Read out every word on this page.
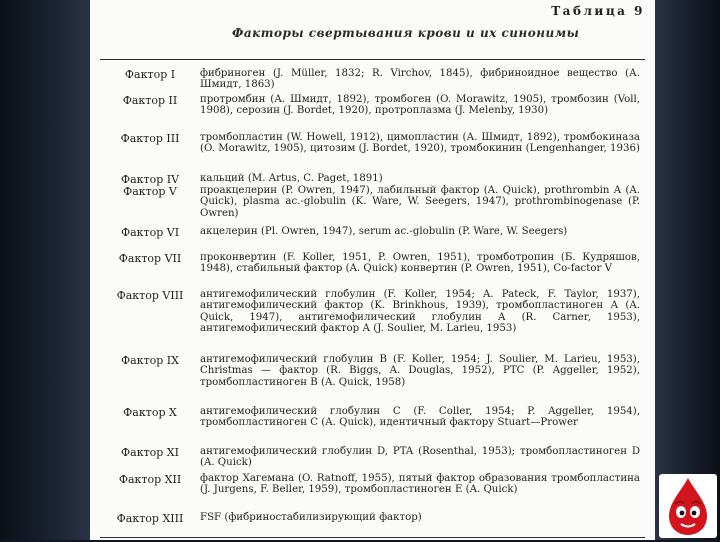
Таблица 9
Факторы свертывания крови и их синонимы
Фактор I	фибриноген (J. Müller, 1832; R. Virchov, 1845), фибриноидное вещество (А. Шмидт, 1863)
Фактор II	протромбин (А. Шмидт, 1892), тромбоген (O. Morawitz, 1905), тромбозин (Voll, 1908), серозин (J. Bordet, 1920), протроплазма (J. Melenby, 1930)
Фактор III	тромбопластин (W. Howell, 1912), цимопластин (А. Шмидт, 1892), тромбокиназа (O. Morawitz, 1905), цитозим (J. Bordet, 1920), тромбокинин (Lengenhanger, 1936)
Фактор IV	кальций (M. Artus, C. Paget, 1891)
Фактор V	проакцелерин (P. Owren, 1947), лабильный фактор (A. Quick), prothrombin A (A. Quick), plasma ac.-globulin (K. Ware, W. Seegers, 1947), prothrombinogenase (P. Owren)
Фактор VI	акцелерин (Pl. Owren, 1947), serum ac.-globulin (P. Ware, W. Seegers)
Фактор VII	проконвертин (F. Koller, 1951, P. Owren, 1951), тромботропин (Б. Кудряшов, 1948), стабильный фактор (A. Quick) конвертин (P. Owren, 1951), Co-factor V
Фактор VIII	антигемофилический глобулин (F. Koller, 1954; A. Pateck, F. Taylor, 1937), антигемофилический фактор (K. Brinkhous, 1939), тромбопластиноген А (A. Quick, 1947), антигемофилический глобулин А (R. Carner, 1953), антигемофилический фактор А (J. Soulier, M. Larieu, 1953)
Фактор IX	антигемофилический глобулин В (F. Koller, 1954; J. Soulier, M. Larieu, 1953), Christmas — фактор (R. Biggs, A. Douglas, 1952), PTC (P. Aggeller, 1952), тромбопластиноген В (A. Quick, 1958)
Фактор X	антигемофилический глобулин С (F. Coller, 1954; P. Aggeller, 1954), тромбопластиноген С (A. Quick), идентичный фактору Stuart—Prower
Фактор XI	антигемофилический глобулин D, PTA (Rosenthal, 1953); тромбопластиноген D (A. Quick)
Фактор XII	фактор Хагемана (O. Ratnoff, 1955), пятый фактор образования тромбопластина (J. Jurgens, F. Beller, 1959), тромбопластиноген Е (A. Quick)
Фактор XIII	FSF (фибриностабилизирующий фактор)
